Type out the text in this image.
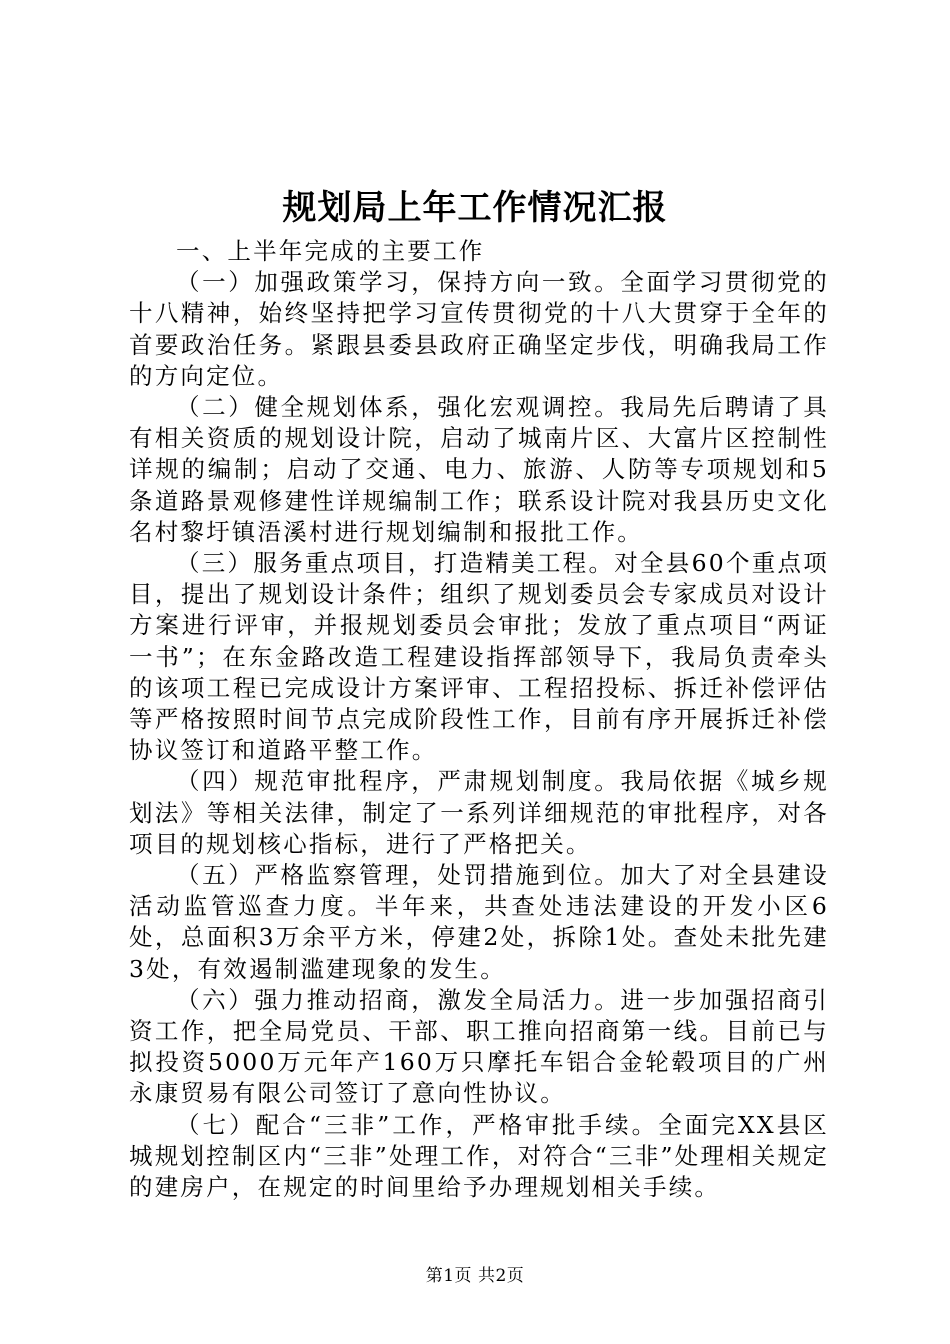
规划局上年工作情况汇报

一、上半年完成的主要工作

（一）加强政策学习，保持方向一致。全面学习贯彻党的十八精神，始终坚持把学习宣传贯彻党的十八大贯穿于全年的首要政治任务。紧跟县委县政府正确坚定步伐，明确我局工作的方向定位。

（二）健全规划体系，强化宏观调控。我局先后聘请了具有相关资质的规划设计院，启动了城南片区、大富片区控制性详规的编制；启动了交通、电力、旅游、人防等专项规划和5条道路景观修建性详规编制工作；联系设计院对我县历史文化名村黎圩镇浯溪村进行规划编制和报批工作。

（三）服务重点项目，打造精美工程。对全县60个重点项目，提出了规划设计条件；组织了规划委员会专家成员对设计方案进行评审，并报规划委员会审批；发放了重点项目“两证一书”；在东金路改造工程建设指挥部领导下，我局负责牵头的该项工程已完成设计方案评审、工程招投标、拆迁补偿评估等严格按照时间节点完成阶段性工作，目前有序开展拆迁补偿协议签订和道路平整工作。

（四）规范审批程序，严肃规划制度。我局依据《城乡规划法》等相关法律，制定了一系列详细规范的审批程序，对各项目的规划核心指标，进行了严格把关。

（五）严格监察管理，处罚措施到位。加大了对全县建设活动监管巡查力度。半年来，共查处违法建设的开发小区6处，总面积3万余平方米，停建2处，拆除1处。查处未批先建3处，有效遏制滥建现象的发生。

（六）强力推动招商，激发全局活力。进一步加强招商引资工作，把全局党员、干部、职工推向招商第一线。目前已与拟投资5000万元年产160万只摩托车铝合金轮毂项目的广州永康贸易有限公司签订了意向性协议。

（七）配合“三非”工作，严格审批手续。全面完XX县区城规划控制区内“三非”处理工作，对符合“三非”处理相关规定的建房户，在规定的时间里给予办理规划相关手续。

第1页 共2页
